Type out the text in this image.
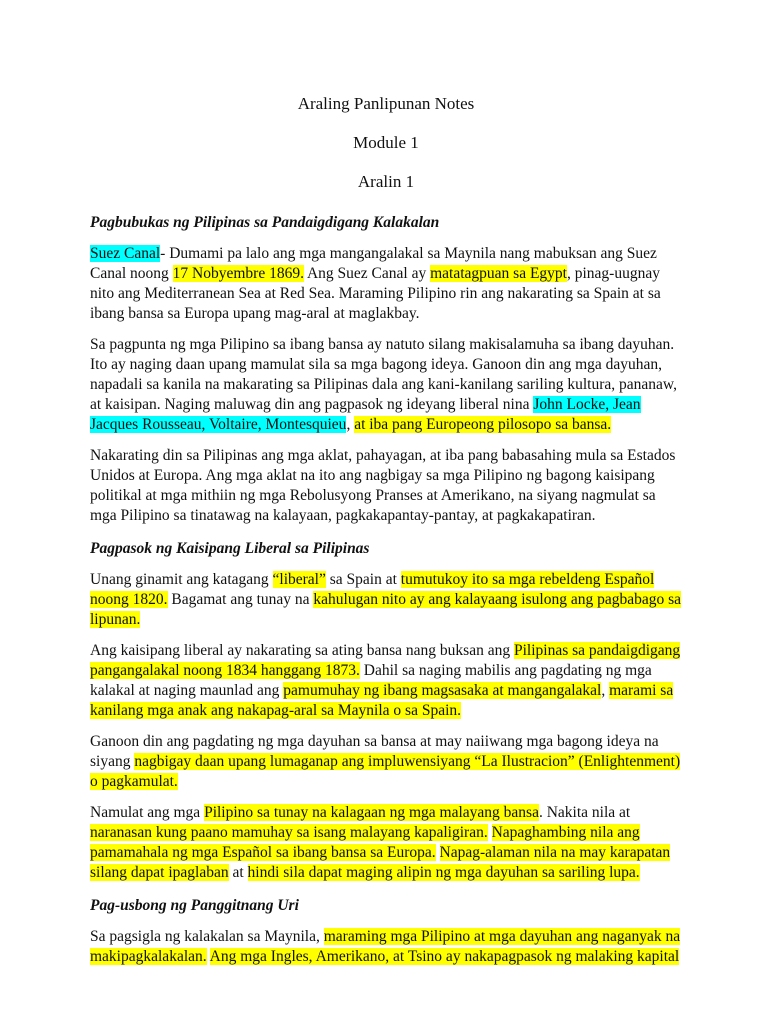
Araling Panlipunan Notes

Module 1

Aralin 1

Pagbubukas ng Pilipinas sa Pandaigdigang Kalakalan

Suez Canal- Dumami pa lalo ang mga mangangalakal sa Maynila nang mabuksan ang Suez Canal noong 17 Nobyembre 1869. Ang Suez Canal ay matatagpuan sa Egypt, pinag-uugnay nito ang Mediterranean Sea at Red Sea. Maraming Pilipino rin ang nakarating sa Spain at sa ibang bansa sa Europa upang mag-aral at maglakbay.

Sa pagpunta ng mga Pilipino sa ibang bansa ay natuto silang makisalamuha sa ibang dayuhan. Ito ay naging daan upang mamulat sila sa mga bagong ideya. Ganoon din ang mga dayuhan, napadali sa kanila na makarating sa Pilipinas dala ang kani-kanilang sariling kultura, pananaw, at kaisipan. Naging maluwag din ang pagpasok ng ideyang liberal nina John Locke, Jean Jacques Rousseau, Voltaire, Montesquieu, at iba pang Europeong pilosopo sa bansa.

Nakarating din sa Pilipinas ang mga aklat, pahayagan, at iba pang babasahing mula sa Estados Unidos at Europa. Ang mga aklat na ito ang nagbigay sa mga Pilipino ng bagong kaisipang politikal at mga mithiin ng mga Rebolusyong Pranses at Amerikano, na siyang nagmulat sa mga Pilipino sa tinatawag na kalayaan, pagkakapantay-pantay, at pagkakapatiran.

Pagpasok ng Kaisipang Liberal sa Pilipinas

Unang ginamit ang katagang “liberal” sa Spain at tumutukoy ito sa mga rebeldeng Español noong 1820. Bagamat ang tunay na kahulugan nito ay ang kalayaang isulong ang pagbabago sa lipunan.

Ang kaisipang liberal ay nakarating sa ating bansa nang buksan ang Pilipinas sa pandaigdigang pangangalakal noong 1834 hanggang 1873. Dahil sa naging mabilis ang pagdating ng mga kalakal at naging maunlad ang pamumuhay ng ibang magsasaka at mangangalakal, marami sa kanilang mga anak ang nakapag-aral sa Maynila o sa Spain.

Ganoon din ang pagdating ng mga dayuhan sa bansa at may naiiwang mga bagong ideya na siyang nagbigay daan upang lumaganap ang impluwensiyang “La Ilustracion” (Enlightenment) o pagkamulat.

Namulat ang mga Pilipino sa tunay na kalagaan ng mga malayang bansa. Nakita nila at naranasan kung paano mamuhay sa isang malayang kapaligiran. Napaghambing nila ang pamamahala ng mga Español sa ibang bansa sa Europa. Napag-alaman nila na may karapatan silang dapat ipaglaban at hindi sila dapat maging alipin ng mga dayuhan sa sariling lupa.

Pag-usbong ng Panggitnang Uri

Sa pagsigla ng kalakalan sa Maynila, maraming mga Pilipino at mga dayuhan ang naganyak na makipagkalakalan. Ang mga Ingles, Amerikano, at Tsino ay nakapagpasok ng malaking kapital
